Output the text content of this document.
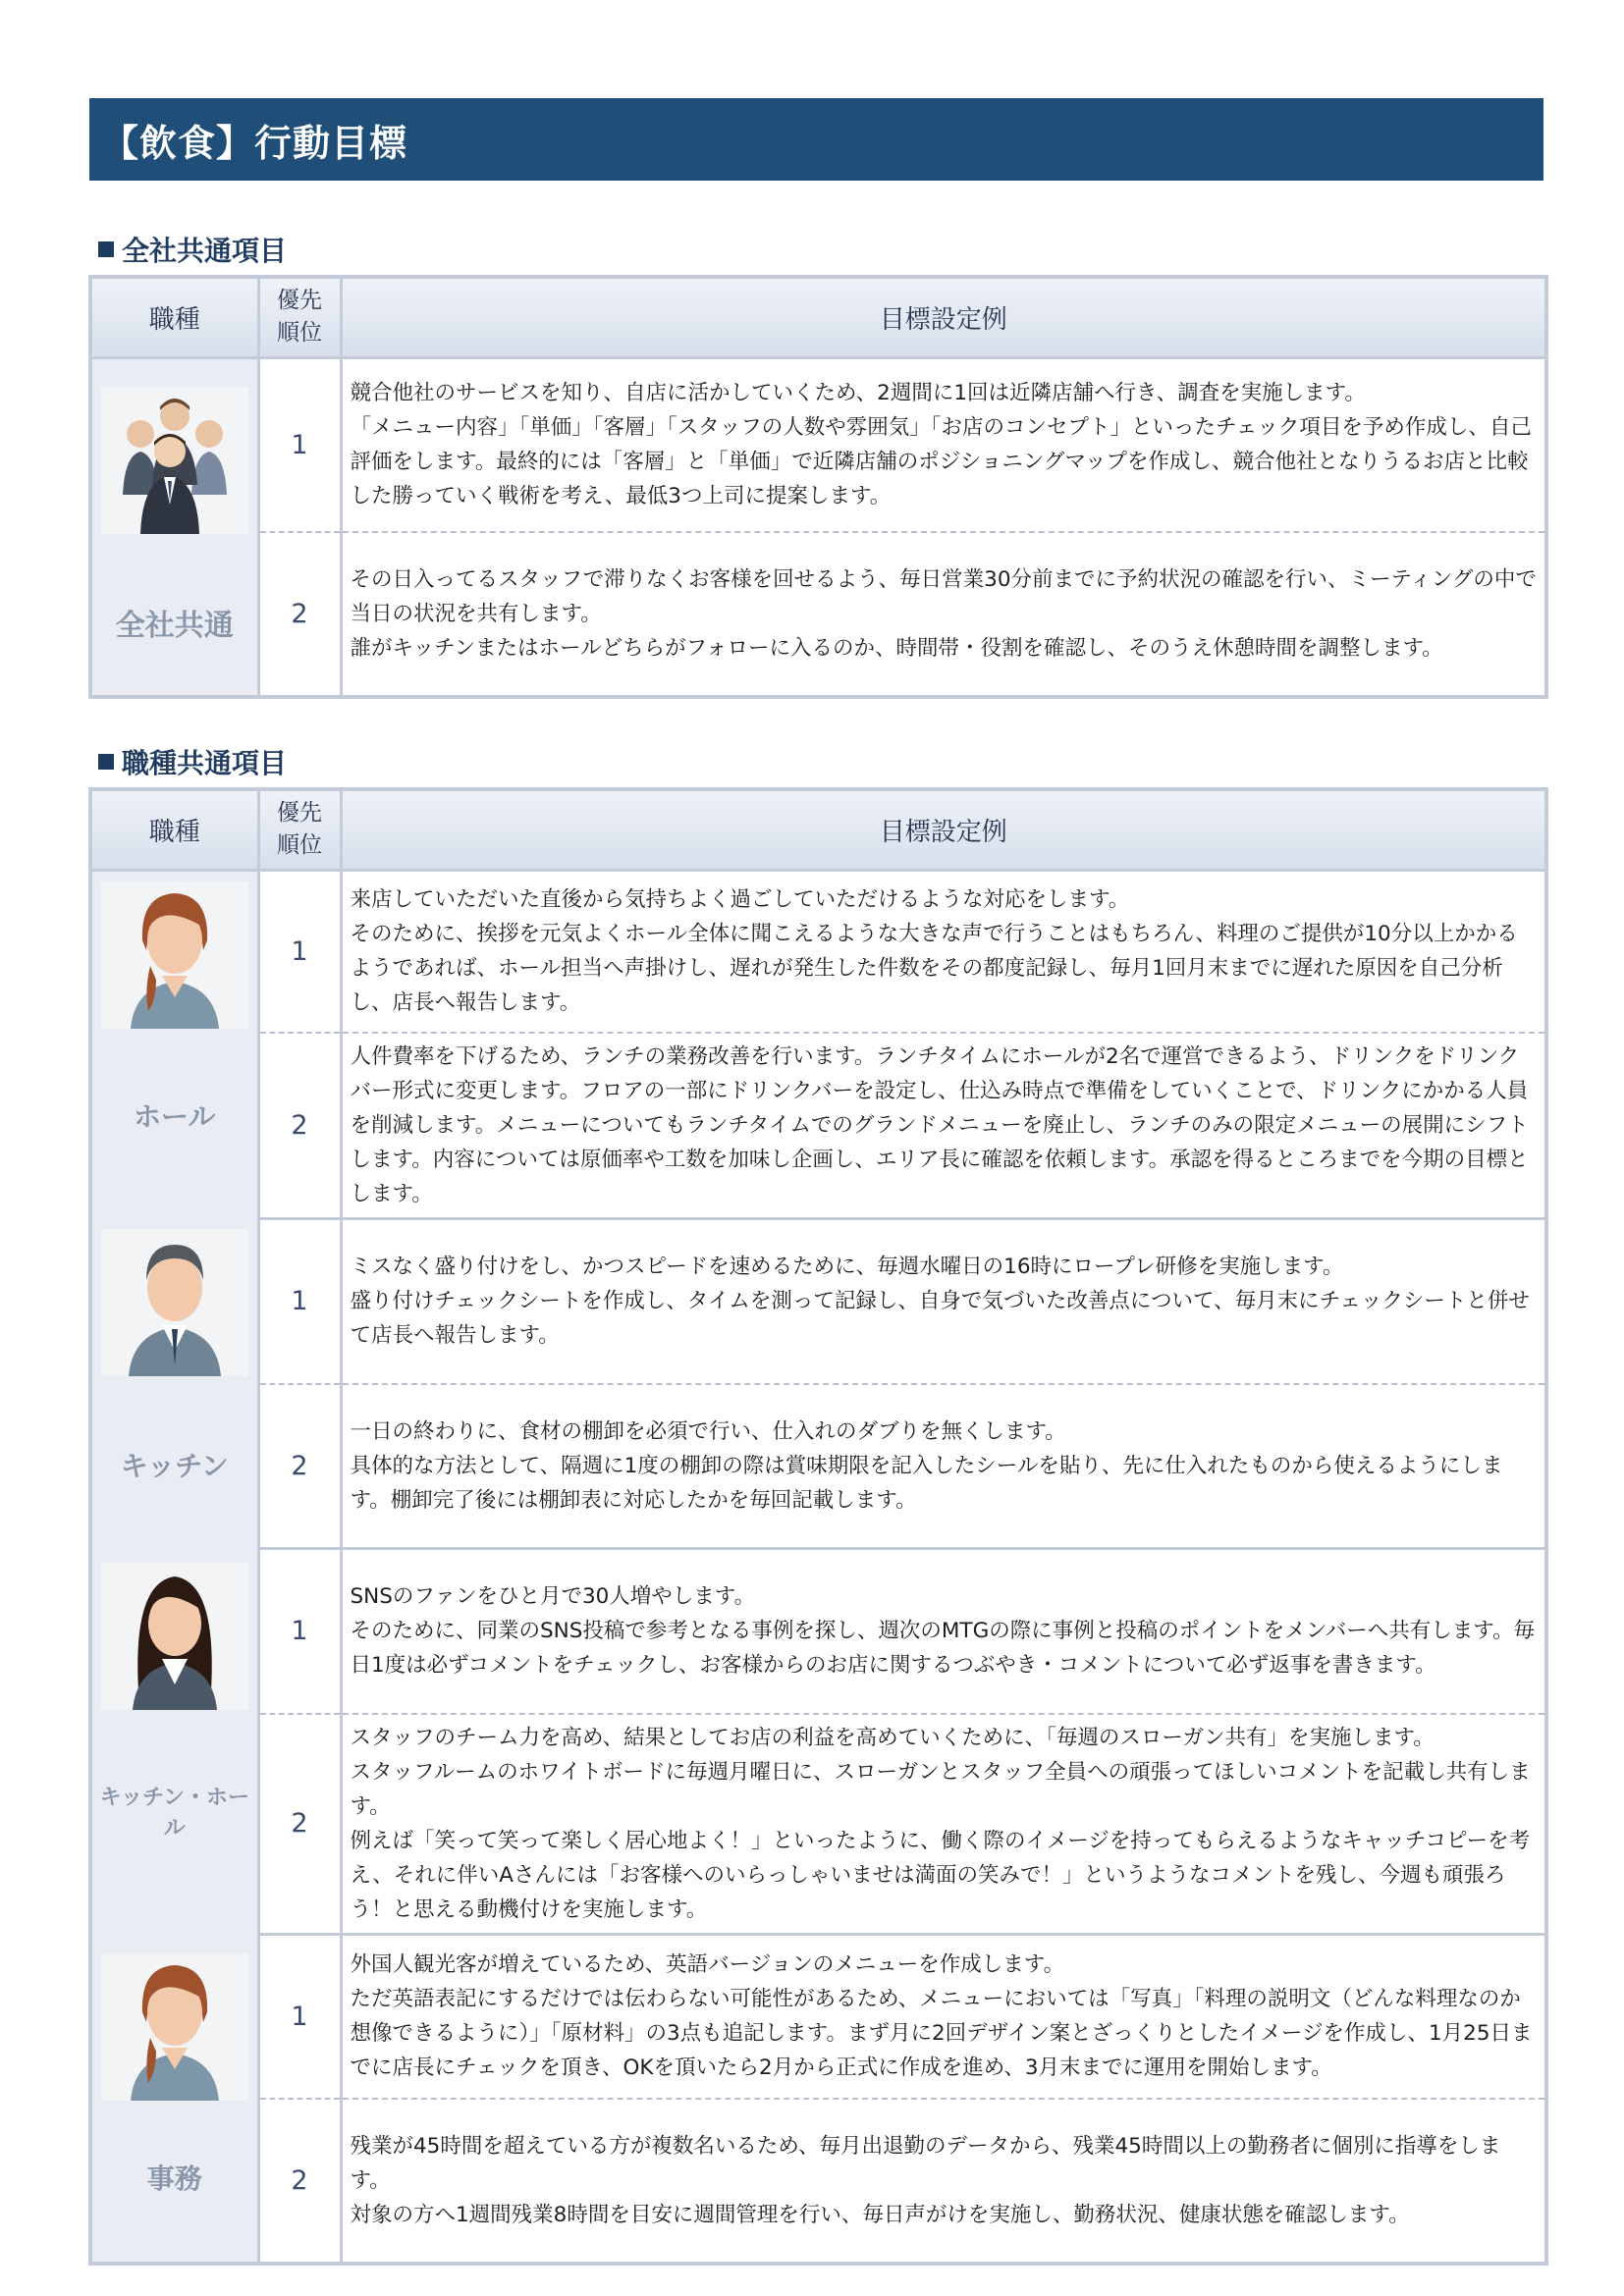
【飲食】行動目標
全社共通項目
職種	優先
順位	目標設定例

全社共通	1	競合他社のサービスを知り、自店に活かしていくため、2週間に1回は近隣店舗へ行き、調査を実施します。
「メニュー内容」「単価」「客層」「スタッフの人数や雰囲気」「お店のコンセプト」といったチェック項目を予め作成し、自己評価をします。最終的には「客層」と「単価」で近隣店舗のポジショニングマップを作成し、競合他社となりうるお店と比較した勝っていく戦術を考え、最低3つ上司に提案します。

	2	その日入ってるスタッフで滞りなくお客様を回せるよう、毎日営業30分前までに予約状況の確認を行い、ミーティングの中で当日の状況を共有します。
誰がキッチンまたはホールどちらがフォローに入るのか、時間帯・役割を確認し、そのうえ休憩時間を調整します。
職種共通項目
職種	優先
順位	目標設定例

ホール	1	来店していただいた直後から気持ちよく過ごしていただけるような対応をします。
そのために、挨拶を元気よくホール全体に聞こえるような大きな声で行うことはもちろん、料理のご提供が10分以上かかるようであれば、ホール担当へ声掛けし、遅れが発生した件数をその都度記録し、毎月1回月末までに遅れた原因を自己分析し、店長へ報告します。

	2	人件費率を下げるため、ランチの業務改善を行います。ランチタイムにホールが2名で運営できるよう、ドリンクをドリンクバー形式に変更します。フロアの一部にドリンクバーを設定し、仕込み時点で準備をしていくことで、ドリンクにかかる人員を削減します。メニューについてもランチタイムでのグランドメニューを廃止し、ランチのみの限定メニューの展開にシフトします。内容については原価率や工数を加味し企画し、エリア長に確認を依頼します。承認を得るところまでを今期の目標とします。

キッチン	1	ミスなく盛り付けをし、かつスピードを速めるために、毎週水曜日の16時にロープレ研修を実施します。
盛り付けチェックシートを作成し、タイムを測って記録し、自身で気づいた改善点について、毎月末にチェックシートと併せて店長へ報告します。

	2	一日の終わりに、食材の棚卸を必須で行い、仕入れのダブりを無くします。
具体的な方法として、隔週に1度の棚卸の際は賞味期限を記入したシールを貼り、先に仕入れたものから使えるようにします。棚卸完了後には棚卸表に対応したかを毎回記載します。

キッチン・ホール	1	SNSのファンをひと月で30人増やします。
そのために、同業のSNS投稿で参考となる事例を探し、週次のMTGの際に事例と投稿のポイントをメンバーへ共有します。毎日1度は必ずコメントをチェックし、お客様からのお店に関するつぶやき・コメントについて必ず返事を書きます。

	2	スタッフのチーム力を高め、結果としてお店の利益を高めていくために、「毎週のスローガン共有」を実施します。
スタッフルームのホワイトボードに毎週月曜日に、スローガンとスタッフ全員への頑張ってほしいコメントを記載し共有します。
例えば「笑って笑って楽しく居心地よく！」といったように、働く際のイメージを持ってもらえるようなキャッチコピーを考え、それに伴いAさんには「お客様へのいらっしゃいませは満面の笑みで！」というようなコメントを残し、今週も頑張ろう！と思える動機付けを実施します。

事務	1	外国人観光客が増えているため、英語バージョンのメニューを作成します。
ただ英語表記にするだけでは伝わらない可能性があるため、メニューにおいては「写真」「料理の説明文（どんな料理なのか想像できるように）」「原材料」の3点も追記します。まず月に2回デザイン案とざっくりとしたイメージを作成し、1月25日までに店長にチェックを頂き、OKを頂いたら2月から正式に作成を進め、3月末までに運用を開始します。

	2	残業が45時間を超えている方が複数名いるため、毎月出退勤のデータから、残業45時間以上の勤務者に個別に指導をします。
対象の方へ1週間残業8時間を目安に週間管理を行い、毎日声がけを実施し、勤務状況、健康状態を確認します。
